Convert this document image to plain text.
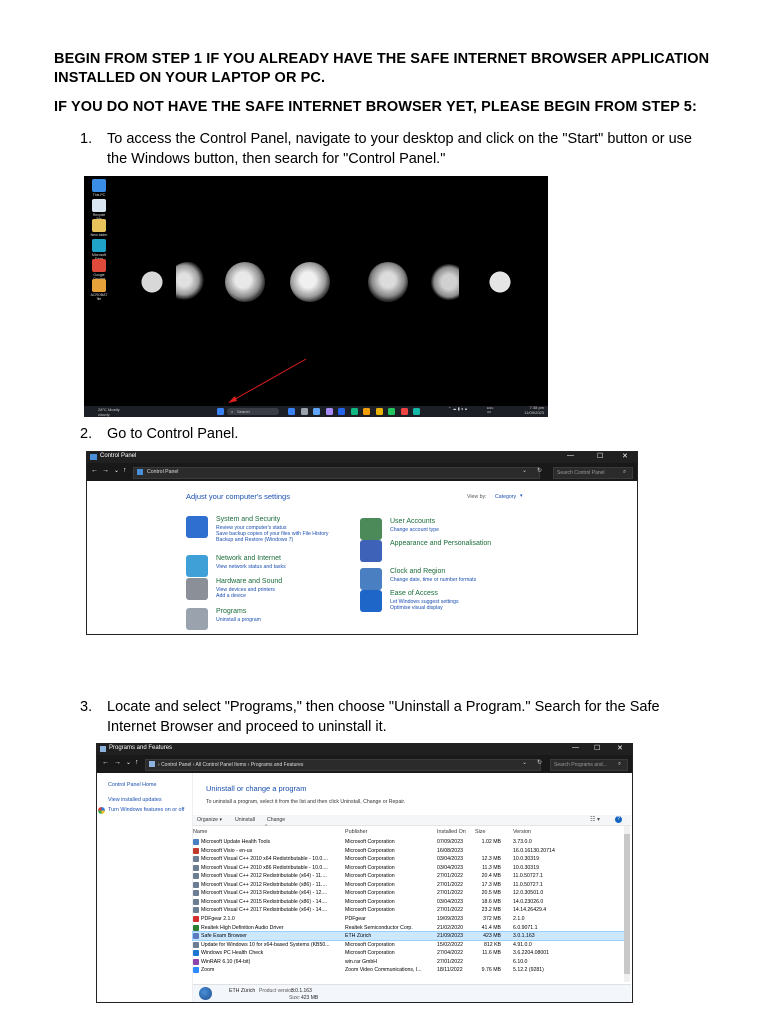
BEGIN FROM STEP 1 IF YOU ALREADY HAVE THE SAFE INTERNET BROWSER APPLICATION
INSTALLED ON YOUR LAPTOP OR PC.
IF YOU DO NOT HAVE THE SAFE INTERNET BROWSER YET, PLEASE BEGIN FROM STEP 5:
1. To access the Control Panel, navigate to your desktop and click on the "Start" button or use
the Windows button, then search for "Control Panel."
This PC
Recycle
New folder
Microsoft
Google
ACROBAT file
28°C Mostly cloudy
⌕ Search
⌃ ☁ ▮ ◂ ▲	ENG UK
7:38 pm
11/09/2023
2. Go to Control Panel.
Control Panel	—	☐	✕
← → ⌄ ↑	Control Panel	⌄ ↻	Search Control Panel	⌕
Adjust your computer's settings	View by: Category ▾
System and Security
Review your computer's status
Save backup copies of your files with File History
Backup and Restore (Windows 7)
Network and Internet
View network status and tasks
Hardware and Sound
View devices and printers
Add a device
Programs
Uninstall a program
User Accounts
Change account type
Appearance and Personalisation
Clock and Region
Change date, time or number formats
Ease of Access
Let Windows suggest settings
Optimise visual display
3. Locate and select "Programs," then choose "Uninstall a Program." Search for the Safe
Internet Browser and proceed to uninstall it.
Programs and Features	— ☐ ✕
← → ⌄ ↑	› Control Panel › All Control Panel Items › Programs and Features	⌄ ↻ Search Programs and... ⌕
Control Panel Home
View installed updates
Turn Windows features on or off
Uninstall or change a program
To uninstall a program, select it from the list and then click Uninstall, Change or Repair.
Organize ▾ Uninstall Change	☷ ▾	?
^
Name	Publisher	Installed On Size	Version
Microsoft Update Health Tools	Microsoft Corporation	07/09/2023	1.02 MB 3.73.0.0
Microsoft Visio - en-us	Microsoft Corporation	16/08/2023	16.0.16130.20714
Microsoft Visual C++ 2010 x64 Redistributable - 10.0....	Microsoft Corporation	03/04/2023	12.3 MB 10.0.30319
Microsoft Visual C++ 2010 x86 Redistributable - 10.0....	Microsoft Corporation	03/04/2023	11.3 MB 10.0.30319
Microsoft Visual C++ 2012 Redistributable (x64) - 11....	Microsoft Corporation	27/01/2022	20.4 MB 11.0.50727.1
Microsoft Visual C++ 2012 Redistributable (x86) - 11....	Microsoft Corporation	27/01/2022	17.3 MB 11.0.50727.1
Microsoft Visual C++ 2013 Redistributable (x64) - 12....	Microsoft Corporation	27/01/2022	20.5 MB 12.0.30501.0
Microsoft Visual C++ 2015 Redistributable (x86) - 14....	Microsoft Corporation	03/04/2023	18.6 MB 14.0.23026.0
Microsoft Visual C++ 2017 Redistributable (x64) - 14....	Microsoft Corporation	27/01/2022	23.2 MB 14.14.26429.4
PDFgear 2.1.0	PDFgear	19/09/2023	372 MB 2.1.0
Realtek High Definition Audio Driver	Realtek Semiconductor Corp.	21/02/2020	41.4 MB 6.0.9071.1
Safe Exam Browser	ETH Zürich	21/09/2023	423 MB 3.0.1.163
Update for Windows 10 for x64-based Systems (KB50...	Microsoft Corporation	15/02/2022	812 KB 4.91.0.0
Windows PC Health Check	Microsoft Corporation	27/04/2022	11.6 MB 3.6.2204.08001
WinRAR 6.10 (64-bit)	win.rar GmbH	27/01/2022	6.10.0
Zoom	Zoom Video Communications, I...	18/11/2022	9.76 MB 5.12.2 (9281)
ETH Zürich Product version:
3.0.1.163
Size: 423 MB
